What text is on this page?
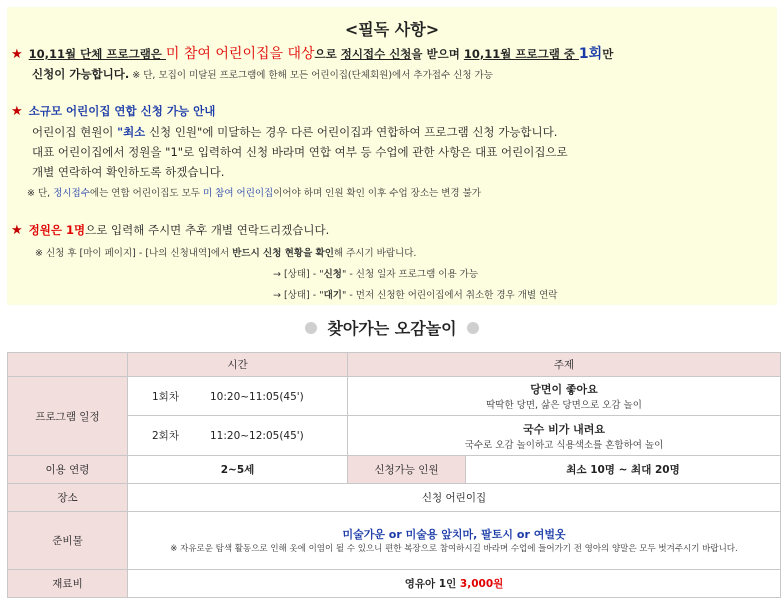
<필독 사항>
★ 10,11월 단체 프로그램은 미 참여 어린이집을 대상으로 정시접수 신청을 받으며 10,11월 프로그램 중 1회만
신청이 가능합니다. ※ 단, 모집이 미달된 프로그램에 한해 모든 어린이집(단체회원)에서 추가접수 신청 가능
★ 소규모 어린이집 연합 신청 가능 안내
어린이집 현원이 "최소 신청 인원"에 미달하는 경우 다른 어린이집과 연합하여 프로그램 신청 가능합니다.
대표 어린이집에서 정원을 "1"로 입력하여 신청 바라며 연합 여부 등 수업에 관한 사항은 대표 어린이집으로
개별 연락하여 확인하도록 하겠습니다.
※ 단, 정시접수에는 연합 어린이집도 모두 미 참여 어린이집이어야 하며 인원 확인 이후 수업 장소는 변경 불가
★ 정원은 1명으로 입력해 주시면 추후 개별 연락드리겠습니다.
※ 신청 후 [마이 페이지] - [나의 신청내역]에서 반드시 신청 현황을 확인해 주시기 바랍니다.
→ [상태] - "신청" - 신청 일자 프로그램 이용 가능
→ [상태] - "대기" - 먼저 신청한 어린이집에서 취소한 경우 개별 연락
찾아가는 오감놀이
	시간	주제	
프로그램 일정	1회차 10:20~11:05(45')	당면이 좋아요
딱딱한 당면, 삶은 당면으로 오감 놀이	

	2회차 11:20~12:05(45')	국수 비가 내려요
국수로 오감 놀이하고 식용색소를 혼합하여 놀이	

이용 연령	2~5세	신청가능 인원	최소 10명 ~ 최대 20명
장소	신청 어린이집		
준비물	미술가운 or 미술용 앞치마, 팔토시 or 여벌옷
※ 자유로운 탐색 활동으로 인해 옷에 이염이 될 수 있으니 편한 복장으로 참여하시길 바라며 수업에 들어가기 전 영아의 양말은 모두 벗겨주시기 바랍니다.		

재료비	영유아 1인 3,000원		
